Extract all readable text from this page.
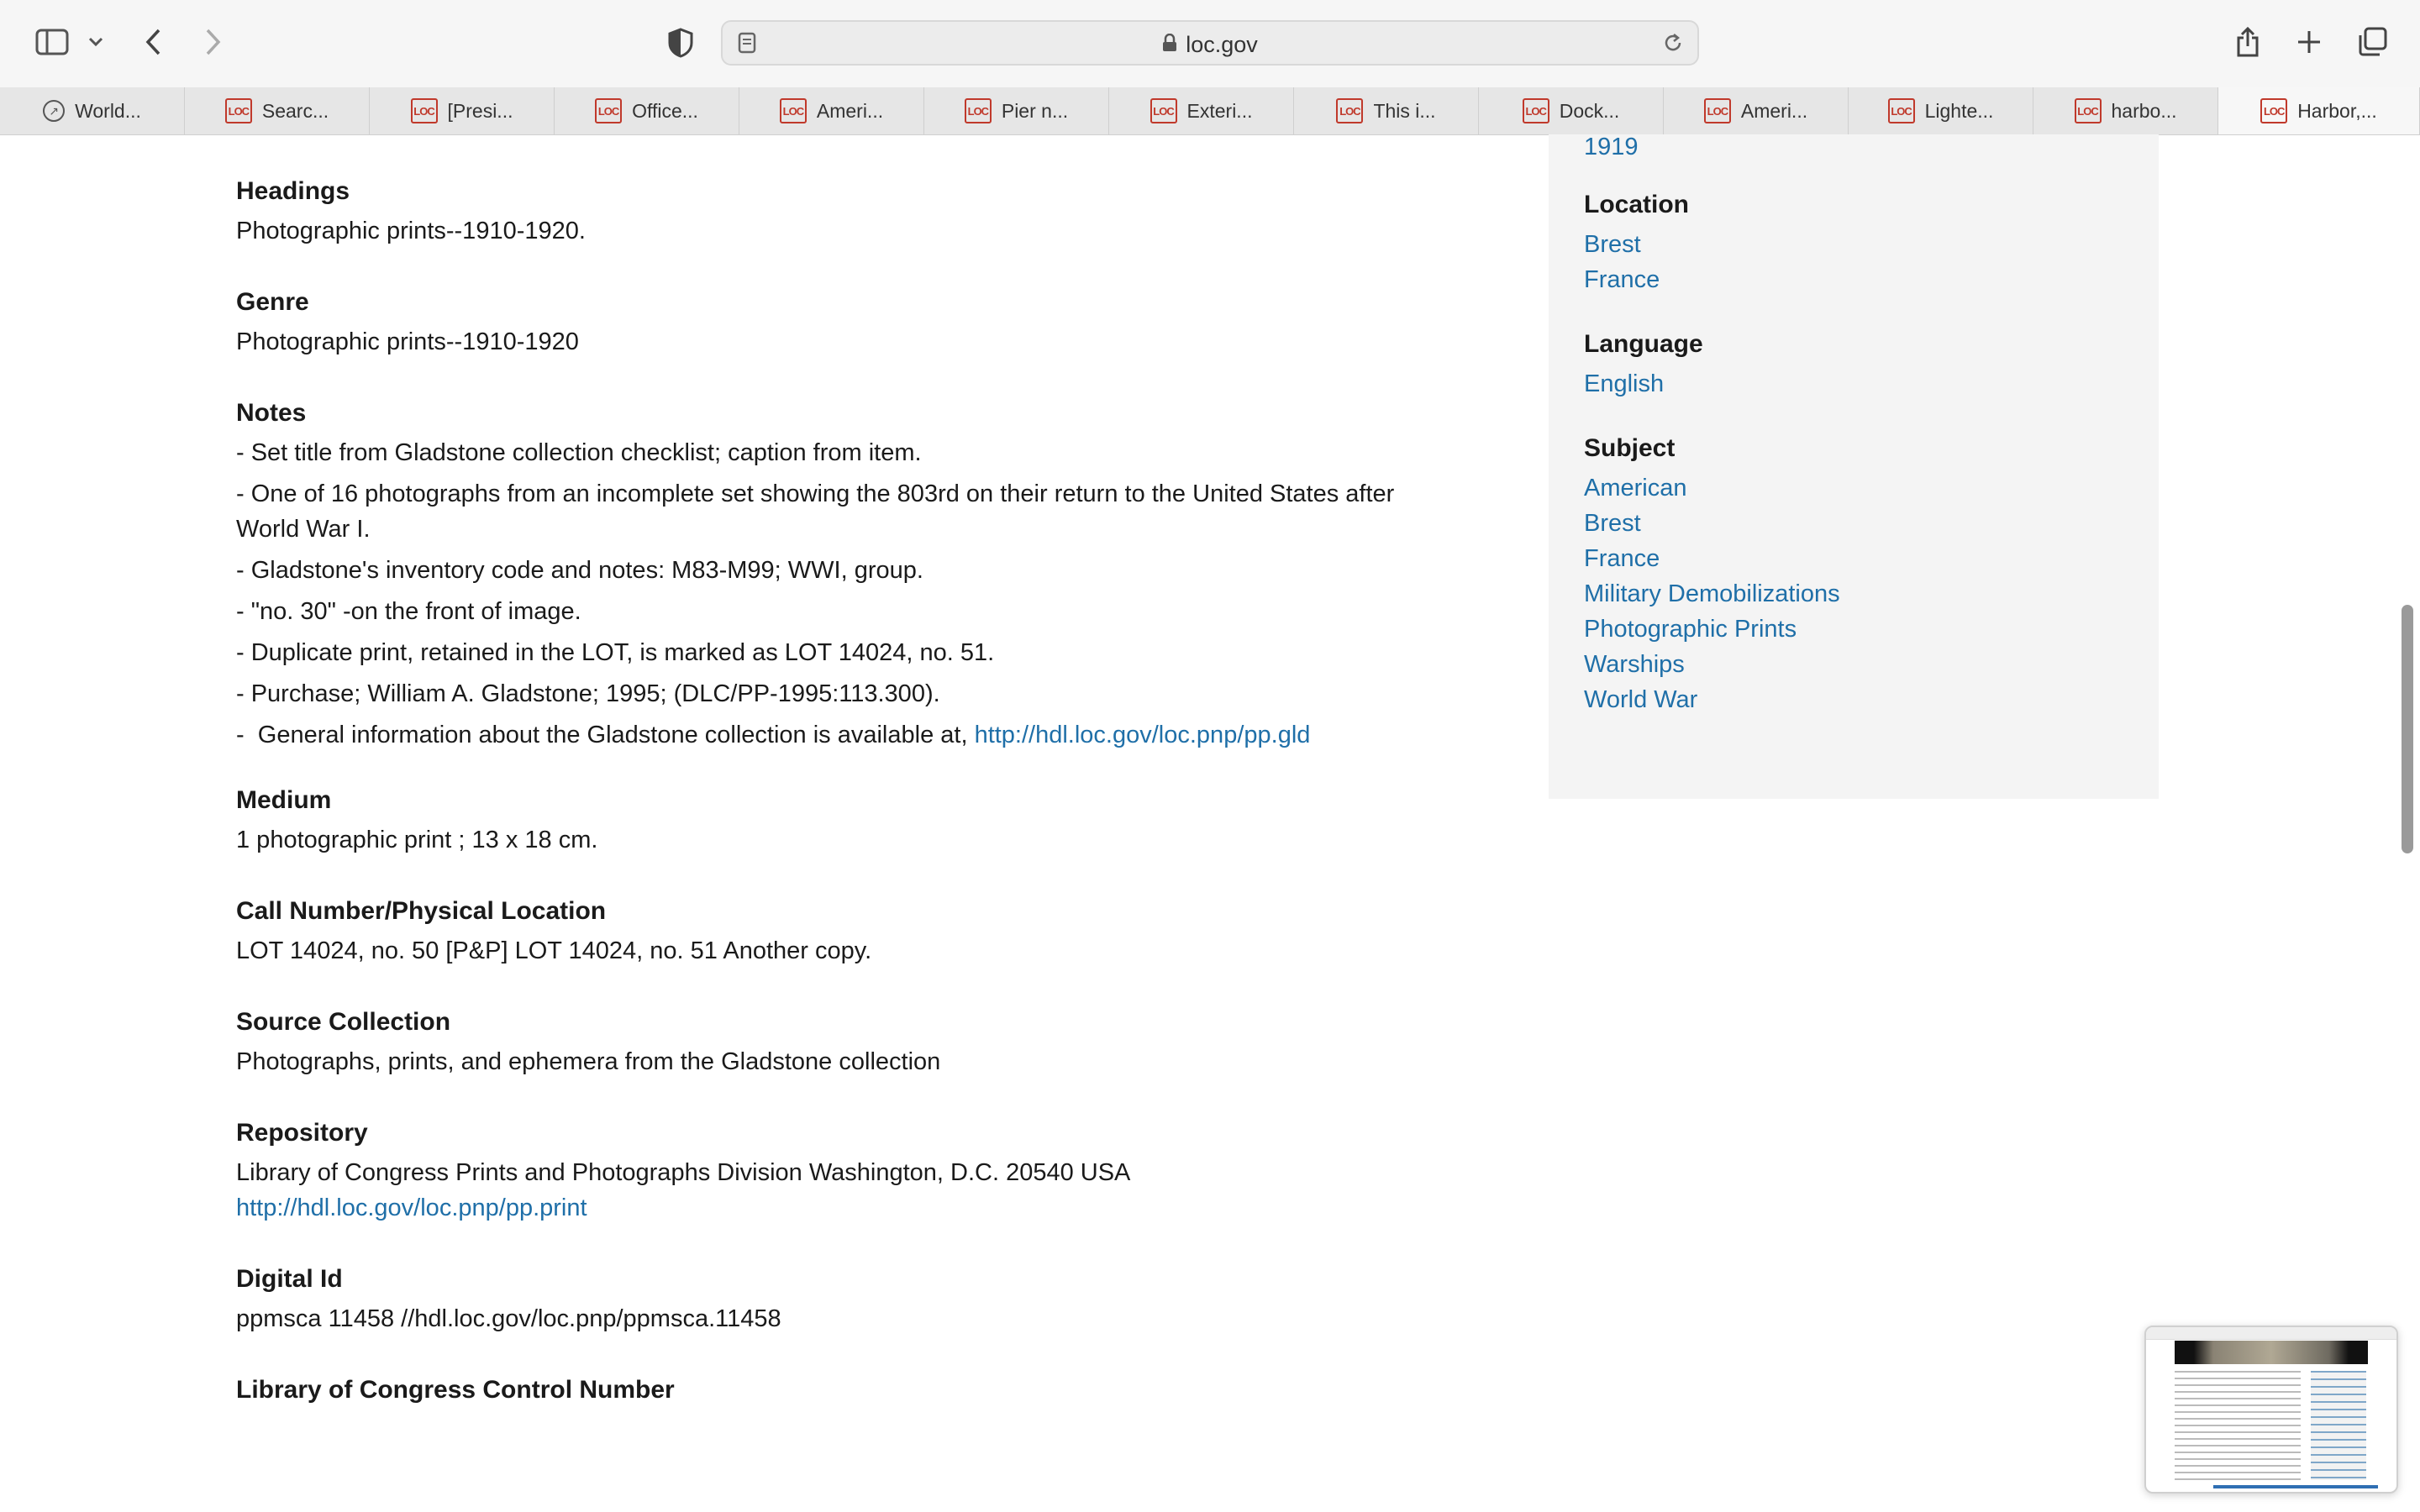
loc.gov
↗ World...	LOC Searc...	LOC [Presi...	LOC Office...	LOC Ameri...	LOC Pier n...	LOC Exteri...	LOC This i...	LOC Dock...	LOC Ameri...	LOC Lighte...	LOC harbo...	LOC Harbor,...
Headings
Photographic prints--1910-1920.
Genre
Photographic prints--1910-1920
Notes
- Set title from Gladstone collection checklist; caption from item.
- One of 16 photographs from an incomplete set showing the 803rd on their return to the United States after World War I.
- Gladstone's inventory code and notes: M83-M99; WWI, group.
- "no. 30" -on the front of image.
- Duplicate print, retained in the LOT, is marked as LOT 14024, no. 51.
- Purchase; William A. Gladstone; 1995; (DLC/PP-1995:113.300).
-  General information about the Gladstone collection is available at, http://hdl.loc.gov/loc.pnp/pp.gld
Medium
1 photographic print ; 13 x 18 cm.
Call Number/Physical Location
LOT 14024, no. 50 [P&P] LOT 14024, no. 51 Another copy.
Source Collection
Photographs, prints, and ephemera from the Gladstone collection
Repository
Library of Congress Prints and Photographs Division Washington, D.C. 20540 USA
http://hdl.loc.gov/loc.pnp/pp.print
Digital Id
ppmsca 11458 //hdl.loc.gov/loc.pnp/ppmsca.11458
Library of Congress Control Number
1919
Location
Brest
France
Language
English
Subject
American
Brest
France
Military Demobilizations
Photographic Prints
Warships
World War
